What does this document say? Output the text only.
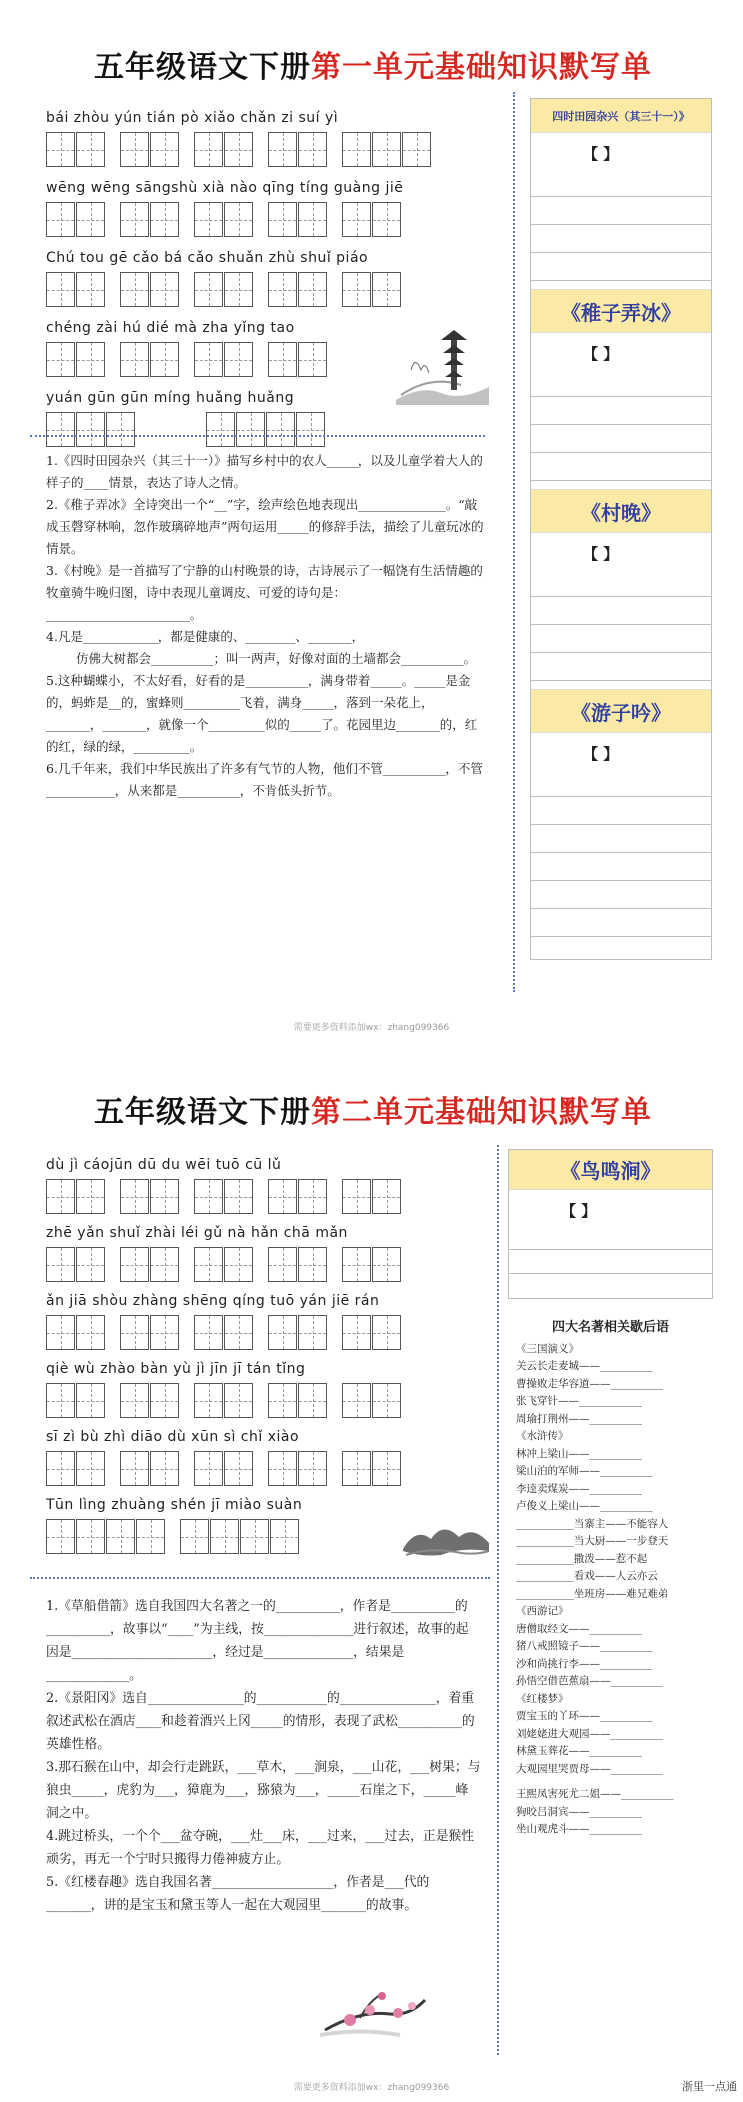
五年级语文下册第一单元基础知识默写单
bái zhòu yún tián pò xiǎo chǎn zi suí yì
wēng wēng sāngshù xià nào qīng tíng guàng jiē
Chú tou gē cǎo bá cǎo shuǎn zhù shuǐ piáo
chéng zài hú dié mà zha yǐng tao
yuán gūn gūn míng huǎng huǎng

1.《四时田园杂兴（其三十一）》描写乡村中的农人_____，以及儿童学着大人的样子的____情景，表达了诗人之情。

2.《稚子弄冰》全诗突出一个“__”字，绘声绘色地表现出______________。“敲成玉磬穿林响，忽作玻璃碎地声”两句运用_____的修辞手法，描绘了儿童玩冰的情景。

3.《村晚》是一首描写了宁静的山村晚景的诗，古诗展示了一幅饶有生活情趣的牧童骑牛晚归图，诗中表现儿童调皮、可爱的诗句是：_______________________。

4.凡是____________，都是健康的、________、_______，

仿佛大树都会__________；叫一两声，好像对面的土墙都会__________。

5.这种蝴蝶小，不太好看，好看的是__________，满身带着_____。_____是金的，蚂蚱是__的，蜜蜂则_________飞着，满身_____，落到一朵花上，_______，_______，就像一个_________似的_____了。花园里边_______的，红的红，绿的绿，_________。

6.几千年来，我们中华民族出了许多有气节的人物，他们不管__________，不管___________，从来都是__________，不肯低头折节。

四时田园杂兴（其三十一）》
【 】
《稚子弄冰》
【 】
《村晚》
【 】
《游子吟》
【 】
需要更多资料添加wx：zhang099366
五年级语文下册第二单元基础知识默写单
dù jì cáojūn dū du wēi tuō cū lǔ
zhē yǎn shuǐ zhài léi gǔ nà hǎn chā mǎn
ǎn jiā shòu zhàng shēng qíng tuō yán jiē rán
qiè wù zhào bàn yù jì jīn jī tán tǐng
sī zì bù zhì diāo dù xūn sì chǐ xiào
Tūn lìng zhuàng shén jī miào suàn

1.《草船借箭》选自我国四大名著之一的__________，作者是__________的__________，故事以“____”为主线，按______________进行叙述，故事的起因是______________________，经过是______________，结果是_____________。

2.《景阳冈》选自_______________的___________的_______________，着重叙述武松在酒店____和趁着酒兴上冈_____的情形，表现了武松__________的英雄性格。

3.那石猴在山中，却会行走跳跃，___草木，___涧泉，___山花，___树果；与狼虫_____，虎豹为___，獐鹿为___，猕猿为___，_____石崖之下，_____峰洞之中。

4.跳过桥头，一个个___盆夺碗，___灶___床，___过来，___过去，正是猴性顽劣，再无一个宁时只搬得力倦神疲方止。

5.《红楼春趣》选自我国名著___________________，作者是___代的_______，讲的是宝玉和黛玉等人一起在大观园里_______的故事。

《鸟鸣涧》
【 】
四大名著相关歇后语
《三国演义》
关云长走麦城——__________
曹操败走华容道——__________
张飞穿针——____________
周瑜打荆州——__________
《水浒传》
林冲上梁山——__________
梁山泊的军师——__________
李逵卖煤炭——__________
卢俊义上梁山——__________
___________当寨主——不能容人
___________当大厨——一步登天
___________撒泼——惹不起
___________看戏——人云亦云
___________坐班房——难兄难弟
《西游记》
唐僧取经文——__________
猪八戒照镜子——__________
沙和尚挑行李——__________
孙悟空借芭蕉扇——__________
《红楼梦》
贾宝玉的丫环——__________
刘姥姥进大观园——__________
林黛玉葬花——__________
大观园里哭贾母——__________
王熙凤害死尤二姐——__________
狗咬吕洞宾——__________
坐山观虎斗——__________
需要更多资料添加wx：zhang099366	浙里一点通
